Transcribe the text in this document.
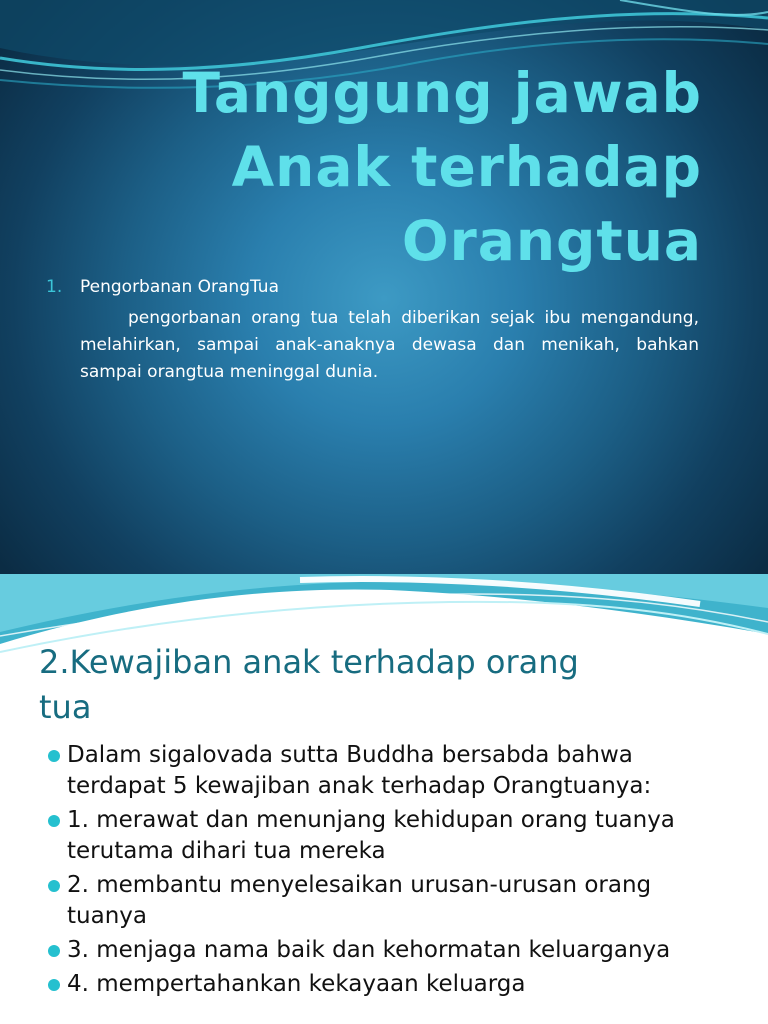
Tanggung jawab
Anak terhadap
Orangtua
1.	Pengorbanan OrangTua

pengorbanan orang tua telah diberikan sejak ibu mengandung, melahirkan, sampai anak-anaknya dewasa dan menikah, bahkan sampai orangtua meninggal dunia.

2.Kewajiban anak terhadap orang
tua
Dalam sigalovada sutta Buddha bersabda bahwa terdapat 5 kewajiban anak terhadap Orangtuanya:
1. merawat dan menunjang kehidupan orang tuanya terutama dihari tua mereka
2. membantu menyelesaikan urusan-urusan orang tuanya
3. menjaga nama baik dan kehormatan keluarganya
4. mempertahankan kekayaan keluarga
